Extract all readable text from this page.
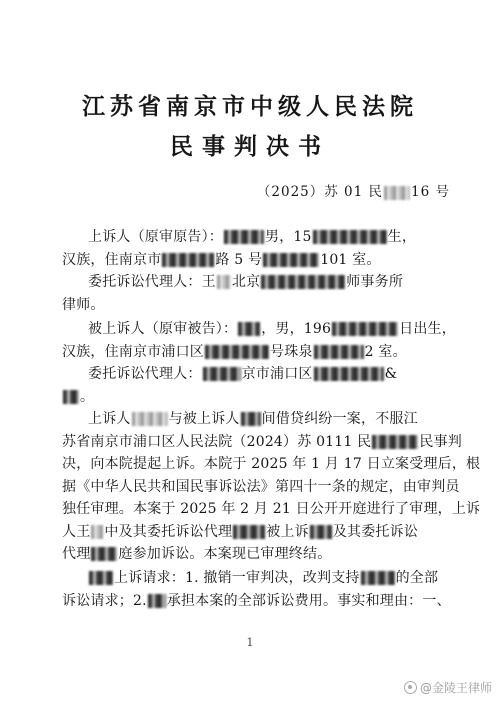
江苏省南京市中级人民法院
民事判决书
（2025）苏 01 民 16 号
上诉人（原审原告）：	男，15	生，
汉族，住南京市	路 5 号	101 室。
委托诉讼代理人：王 北京	师事务所
律师。
被上诉人（原审被告）： ，男，196	日出生，
汉族，住南京市浦口区	号珠泉	2 室。
委托诉讼代理人：	京市浦口区	&
。
上诉人	与被上诉人 间借贷纠纷一案，不服江
苏省南京市浦口区人民法院（2024）苏 0111 民	民事判
决，向本院提起上诉。本院于 2025 年 1 月 17 日立案受理后，根
据《中华人民共和国民事诉讼法》第四十一条的规定，由审判员
独任审理。本案于 2025 年 2 月 21 日公开开庭进行了审理，上诉
人王 中及其委托诉讼代理 被上诉 及其委托诉讼
代理 庭参加诉讼。本案现已审理终结。
上诉请求：1. 撤销一审判决，改判支持	的全部
诉讼请求；2. 承担本案的全部诉讼费用。事实和理由：一、
1
@金陵王律师
